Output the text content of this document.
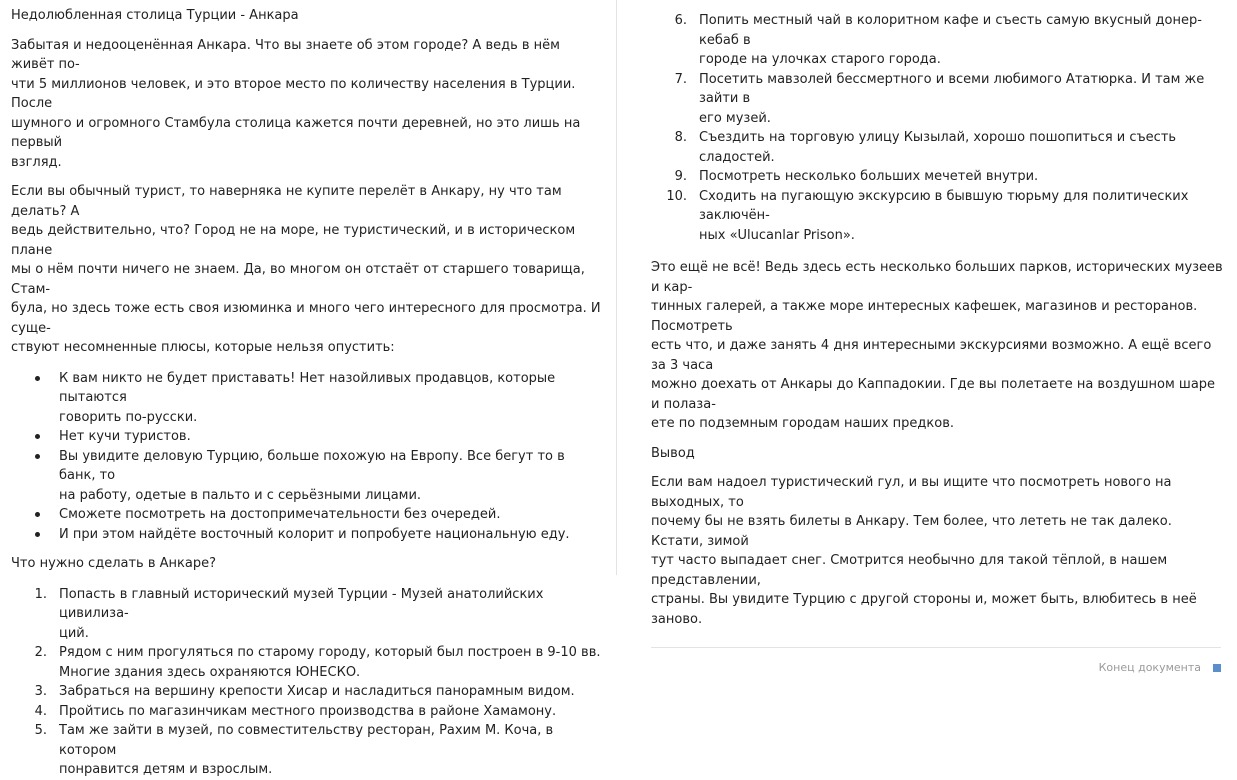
Недолюбленная столица Турции - Анкара

Забытая и недооценённая Анкара. Что вы знаете об этом городе? А ведь в нём живёт по-
чти 5 миллионов человек, и это второе место по количеству населения в Турции. После
шумного и огромного Стамбула столица кажется почти деревней, но это лишь на первый
взгляд.

Если вы обычный турист, то наверняка не купите перелёт в Анкару, ну что там делать? А
ведь действительно, что? Город не на море, не туристический, и в историческом плане
мы о нём почти ничего не знаем. Да, во многом он отстаёт от старшего товарища, Стам-
була, но здесь тоже есть своя изюминка и много чего интересного для просмотра. И суще-
ствуют несомненные плюсы, которые нельзя опустить:

К вам никто не будет приставать! Нет назойливых продавцов, которые пытаются
говорить по-русски.
Нет кучи туристов.
Вы увидите деловую Турцию, больше похожую на Европу. Все бегут то в банк, то
на работу, одетые в пальто и с серьёзными лицами.
Сможете посмотреть на достопримечательности без очередей.
И при этом найдёте восточный колорит и попробуете национальную еду.

Что нужно сделать в Анкаре?

1. Попасть в главный исторический музей Турции - Музей анатолийских цивилиза-
ций.
2. Рядом с ним прогуляться по старому городу, который был построен в 9-10 вв.
Многие здания здесь охраняются ЮНЕСКО.
3. Забраться на вершину крепости Хисар и насладиться панорамным видом.
4. Пройтись по магазинчикам местного производства в районе Хамамону.
5. Там же зайти в музей, по совместительству ресторан, Рахим М. Коча, в котором
понравится детям и взрослым.
6. Попить местный чай в колоритном кафе и съесть самую вкусный донер-кебаб в
городе на улочках старого города.
7. Посетить мавзолей бессмертного и всеми любимого Ататюрка. И там же зайти в
его музей.
8. Съездить на торговую улицу Кызылай, хорошо пошопиться и съесть сладостей.
9. Посмотреть несколько больших мечетей внутри.
10. Сходить на пугающую экскурсию в бывшую тюрьму для политических заключён-
ных «Ulucanlar Prison».

Это ещё не всё! Ведь здесь есть несколько больших парков, исторических музеев и кар-
тинных галерей, а также море интересных кафешек, магазинов и ресторанов. Посмотреть
есть что, и даже занять 4 дня интересными экскурсиями возможно. А ещё всего за 3 часа
можно доехать от Анкары до Каппадокии. Где вы полетаете на воздушном шаре и полаза-
ете по подземным городам наших предков.

Вывод

Если вам надоел туристический гул, и вы ищите что посмотреть нового на выходных, то
почему бы не взять билеты в Анкару. Тем более, что лететь не так далеко. Кстати, зимой
тут часто выпадает снег. Смотрится необычно для такой тёплой, в нашем представлении,
страны. Вы увидите Турцию с другой стороны и, может быть, влюбитесь в неё заново.

Конец документа
